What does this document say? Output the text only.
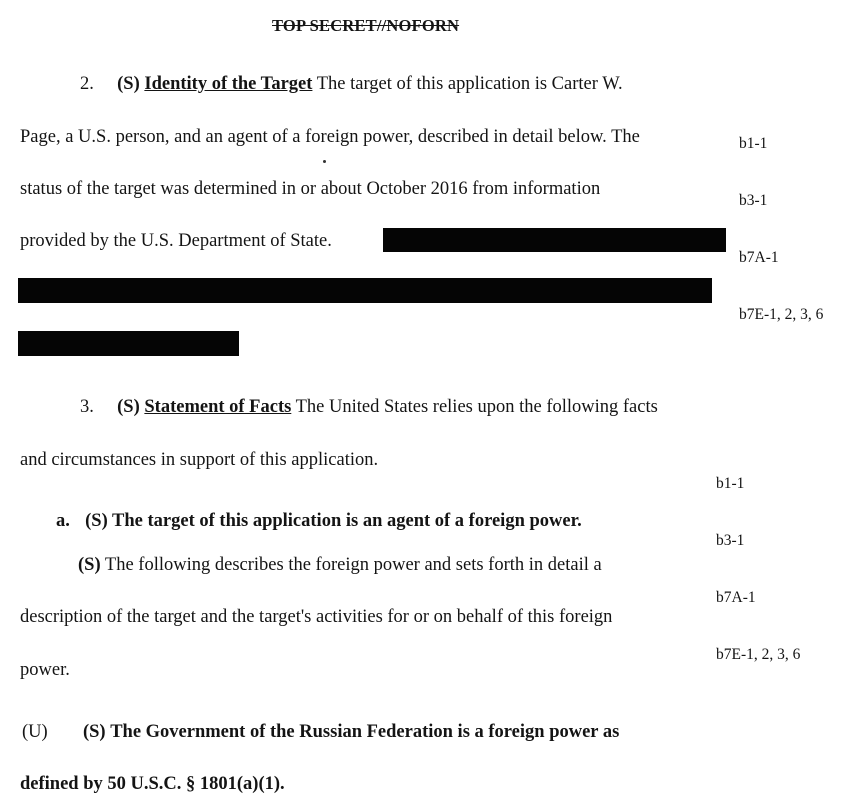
TOP SECRET//NOFORN
2. (S) Identity of the Target The target of this application is Carter W.
Page, a U.S. person, and an agent of a foreign power, described in detail below. The
status of the target was determined in or about October 2016 from information
provided by the U.S. Department of State.

b1-1

b3-1

b7A-1

b7E-1, 2, 3, 6

3. (S) Statement of Facts The United States relies upon the following facts
and circumstances in support of this application.

b1-1

b3-1

b7A-1

b7E-1, 2, 3, 6

a. (S) The target of this application is an agent of a foreign power.
(S) The following describes the foreign power and sets forth in detail a
description of the target and the target's activities for or on behalf of this foreign
power.
(U) (S) The Government of the Russian Federation is a foreign power as
defined by 50 U.S.C. § 1801(a)(1).
